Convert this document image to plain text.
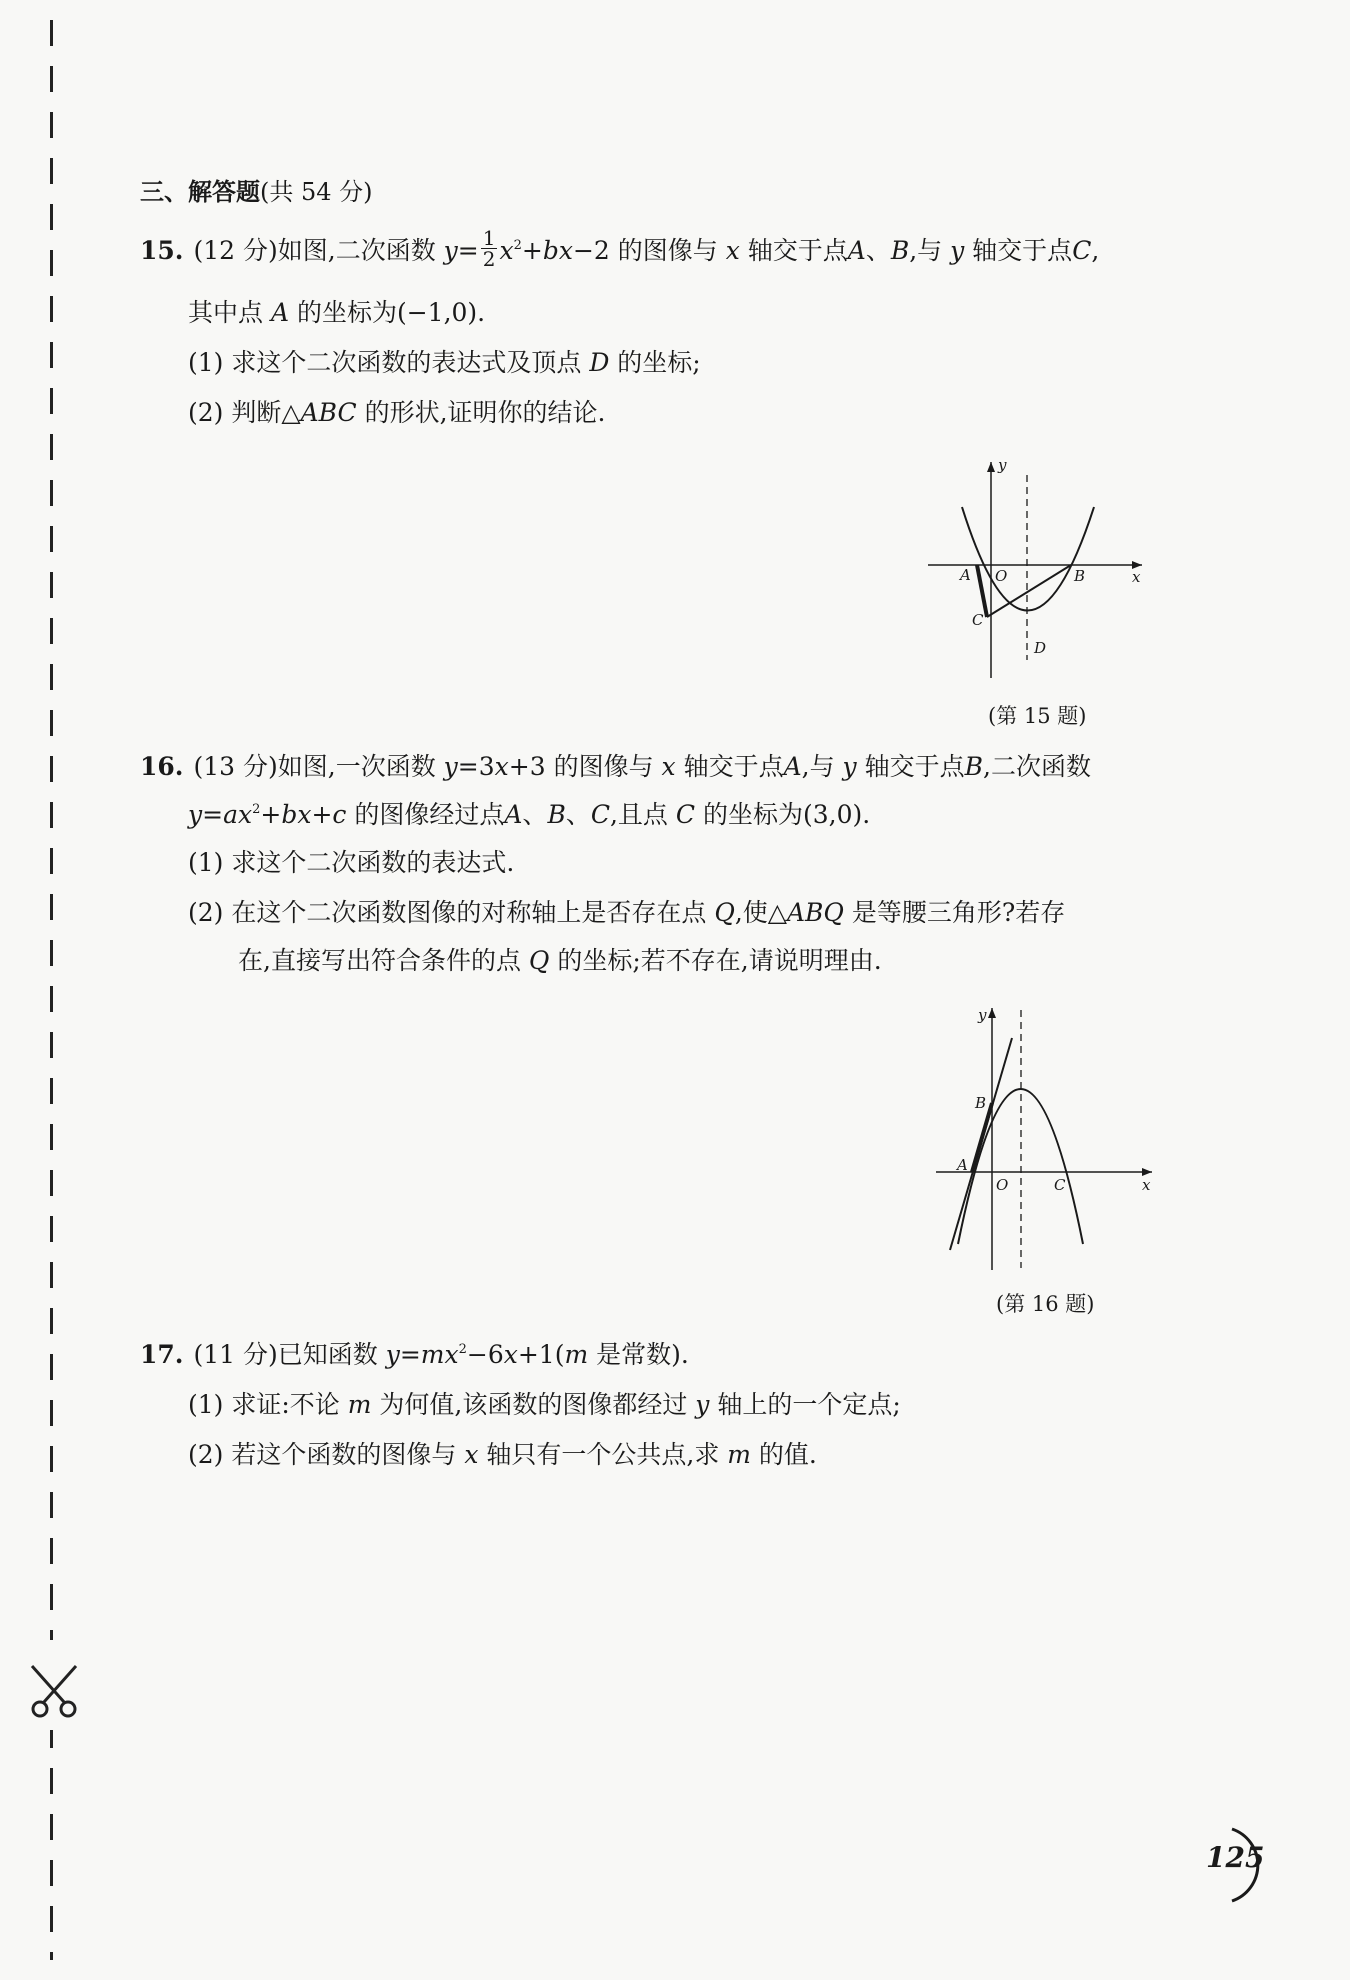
三、解答题(共 54 分)
15. (12 分)如图,二次函数 $y= \frac{1}{2} x^2+bx-2$ 的图像与 x 轴交于点A、B,与 y 轴交于点C,
其中点 A 的坐标为(−1,0).
(1) 求这个二次函数的表达式及顶点 D 的坐标;
(2) 判断△ABC 的形状,证明你的结论.
y
x
A O	B
C
D
(第 15 题)
16. (13 分)如图,一次函数 y=3x+3 的图像与 x 轴交于点A,与 y 轴交于点B,二次函数
$y=ax^2+bx+c$ 的图像经过点A、B、C,且点 C 的坐标为(3,0).
(1) 求这个二次函数的表达式.
(2) 在这个二次函数图像的对称轴上是否存在点 Q,使△ABQ 是等腰三角形?若存
在,直接写出符合条件的点 Q 的坐标;若不存在,请说明理由.
y
x
A
O
B
C
(第 16 题)
17. (11 分)已知函数 $y=mx^2-6x+1(m$ 是常数).
(1) 求证:不论 m 为何值,该函数的图像都经过 y 轴上的一个定点;
(2) 若这个函数的图像与 x 轴只有一个公共点,求 m 的值.
125
